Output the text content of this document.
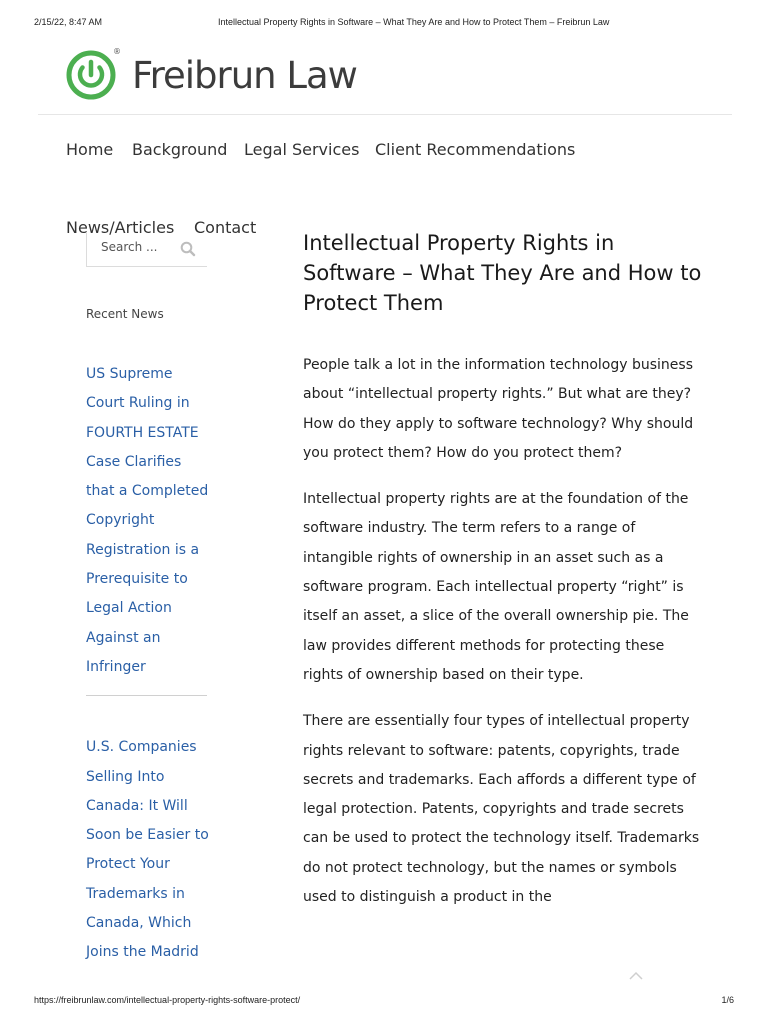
2/15/22, 8:47 AM	Intellectual Property Rights in Software – What They Are and How to Protect Them – Freibrun Law
®
Freibrun Law
Home Background Legal Services Client Recommendations
News/Articles Contact
Search ...
Recent News
US Supreme Court Ruling in FOURTH ESTATE Case Clarifies that a Completed Copyright Registration is a Prerequisite to Legal Action Against an Infringer
U.S. Companies Selling Into Canada: It Will Soon be Easier to Protect Your Trademarks in Canada, Which Joins the Madrid
Intellectual Property Rights in Software – What They Are and How to Protect Them

People talk a lot in the information technology business about “intellectual property rights.” But what are they? How do they apply to software technology? Why should you protect them? How do you protect them?

Intellectual property rights are at the foundation of the software industry. The term refers to a range of intangible rights of ownership in an asset such as a software program. Each intellectual property “right” is itself an asset, a slice of the overall ownership pie. The law provides different methods for protecting these rights of ownership based on their type.

There are essentially four types of intellectual property rights relevant to software: patents, copyrights, trade secrets and trademarks. Each affords a different type of legal protection. Patents, copyrights and trade secrets can be used to protect the technology itself. Trademarks do not protect technology, but the names or symbols used to distinguish a product in the

https://freibrunlaw.com/intellectual-property-rights-software-protect/	1/6
